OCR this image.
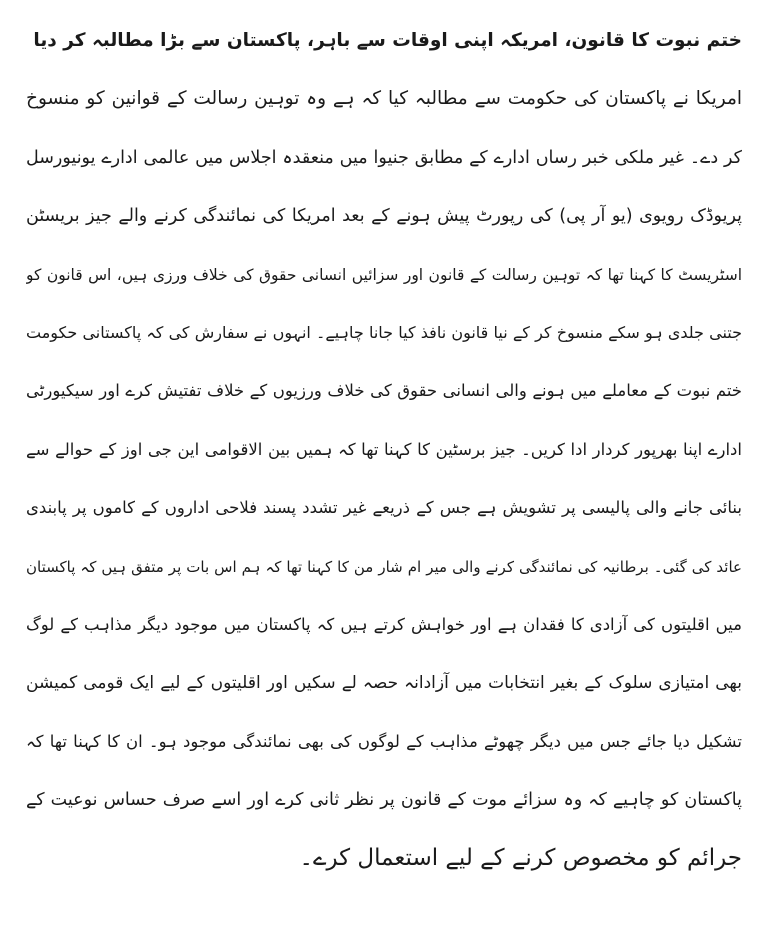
ختم نبوت کا قانون، امریکہ اپنی اوقات سے باہر، پاکستان سے بڑا مطالبہ کر دیا
امریکا نے پاکستان کی حکومت سے مطالبہ کیا کہ ہے وہ توہین رسالت کے قوانین کو منسوخ
کر دے۔ غیر ملکی خبر رساں ادارے کے مطابق جنیوا میں منعقدہ اجلاس میں عالمی ادارے یونیورسل
پریوڈک رویوی (یو آر پی) کی رپورٹ پیش ہونے کے بعد امریکا کی نمائندگی کرنے والے جیز بریسٹن
اسٹریسٹ کا کہنا تھا کہ توہین رسالت کے قانون اور سزائیں انسانی حقوق کی خلاف ورزی ہیں، اس قانون کو
جتنی جلدی ہو سکے منسوخ کر کے نیا قانون نافذ کیا جانا چاہیے۔ انہوں نے سفارش کی کہ پاکستانی حکومت
ختم نبوت کے معاملے میں ہونے والی انسانی حقوق کی خلاف ورزیوں کے خلاف تفتیش کرے اور سیکیورٹی
ادارے اپنا بھرپور کردار ادا کریں۔ جیز برسٹین کا کہنا تھا کہ ہمیں بین الاقوامی این جی اوز کے حوالے سے
بنائی جانے والی پالیسی پر تشویش ہے جس کے ذریعے غیر تشدد پسند فلاحی اداروں کے کاموں پر پابندی
عائد کی گئی۔ برطانیہ کی نمائندگی کرنے والی میر ام شار من کا کہنا تھا کہ ہم اس بات پر متفق ہیں کہ پاکستان
میں اقلیتوں کی آزادی کا فقدان ہے اور خواہش کرتے ہیں کہ پاکستان میں موجود دیگر مذاہب کے لوگ
بھی امتیازی سلوک کے بغیر انتخابات میں آزادانہ حصہ لے سکیں اور اقلیتوں کے لیے ایک قومی کمیشن
تشکیل دیا جائے جس میں دیگر چھوٹے مذاہب کے لوگوں کی بھی نمائندگی موجود ہو۔ ان کا کہنا تھا کہ
پاکستان کو چاہیے کہ وہ سزائے موت کے قانون پر نظر ثانی کرے اور اسے صرف حساس نوعیت کے
جرائم کو مخصوص کرنے کے لیے استعمال کرے۔
